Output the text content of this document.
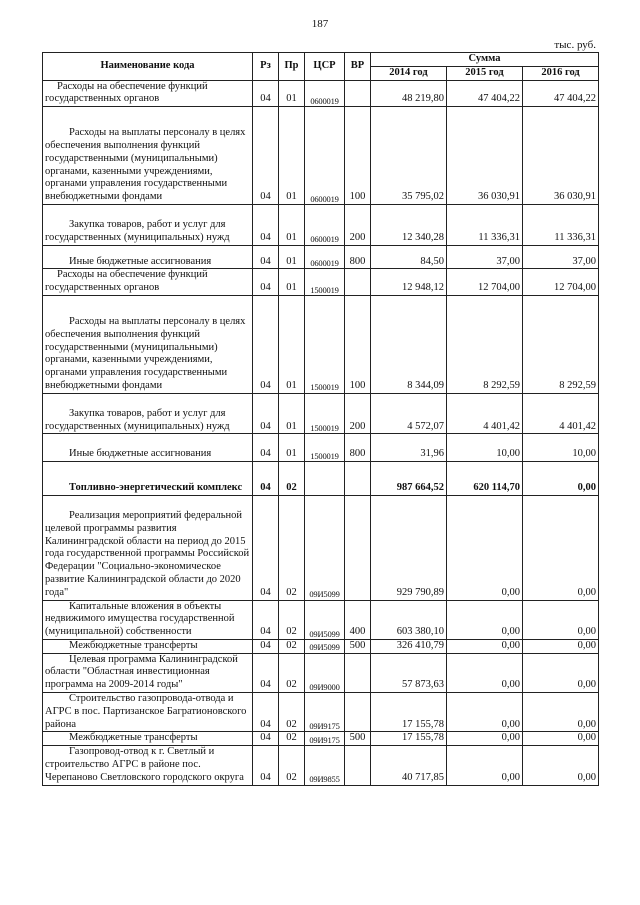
187
тыс. руб.
Наименование кода	Рз	Пр	ЦСР	ВР	Сумма		
					2014 год	2015 год	2016 год
Расходы на обеспечение функций государственных органов	04	01	0600019		48 219,80	47 404,22	47 404,22
Расходы на выплаты персоналу в целях обеспечения выполнения функций государственными (муниципальными) органами, казенными учреждениями, органами управления государственными внебюджетными фондами	04	01	0600019	100	35 795,02	36 030,91	36 030,91
Закупка товаров, работ и услуг для государственных (муниципальных) нужд	04	01	0600019	200	12 340,28	11 336,31	11 336,31
Иные бюджетные ассигнования	04	01	0600019	800	84,50	37,00	37,00
Расходы на обеспечение функций государственных органов	04	01	1500019		12 948,12	12 704,00	12 704,00
Расходы на выплаты персоналу в целях обеспечения выполнения функций государственными (муниципальными) органами, казенными учреждениями, органами управления государственными внебюджетными фондами	04	01	1500019	100	8 344,09	8 292,59	8 292,59
Закупка товаров, работ и услуг для государственных (муниципальных) нужд	04	01	1500019	200	4 572,07	4 401,42	4 401,42
Иные бюджетные ассигнования	04	01	1500019	800	31,96	10,00	10,00
Топливно-энергетический комплекс	04	02			987 664,52	620 114,70	0,00
Реализация мероприятий федеральной целевой программы развития Калининградской области на период до 2015 года государственной программы Российской Федерации "Социально-экономическое развитие Калининградской области до 2020 года"	04	02	09И5099		929 790,89	0,00	0,00
Капитальные вложения в объекты недвижимого имущества государственной (муниципальной) собственности	04	02	09И5099	400	603 380,10	0,00	0,00
Межбюджетные трансферты	04	02	09И5099	500	326 410,79	0,00	0,00
Целевая программа Калининградской области "Областная инвестиционная программа на 2009-2014 годы"	04	02	09И9000		57 873,63	0,00	0,00
Строительство газопровода-отвода и АГРС в пос. Партизанское Багратионовского района	04	02	09И9175		17 155,78	0,00	0,00
Межбюджетные трансферты	04	02	09И9175	500	17 155,78	0,00	0,00
Газопровод-отвод к г. Светлый и строительство АГРС в районе пос. Черепаново Светловского городского округа	04	02	09И9855		40 717,85	0,00	0,00
